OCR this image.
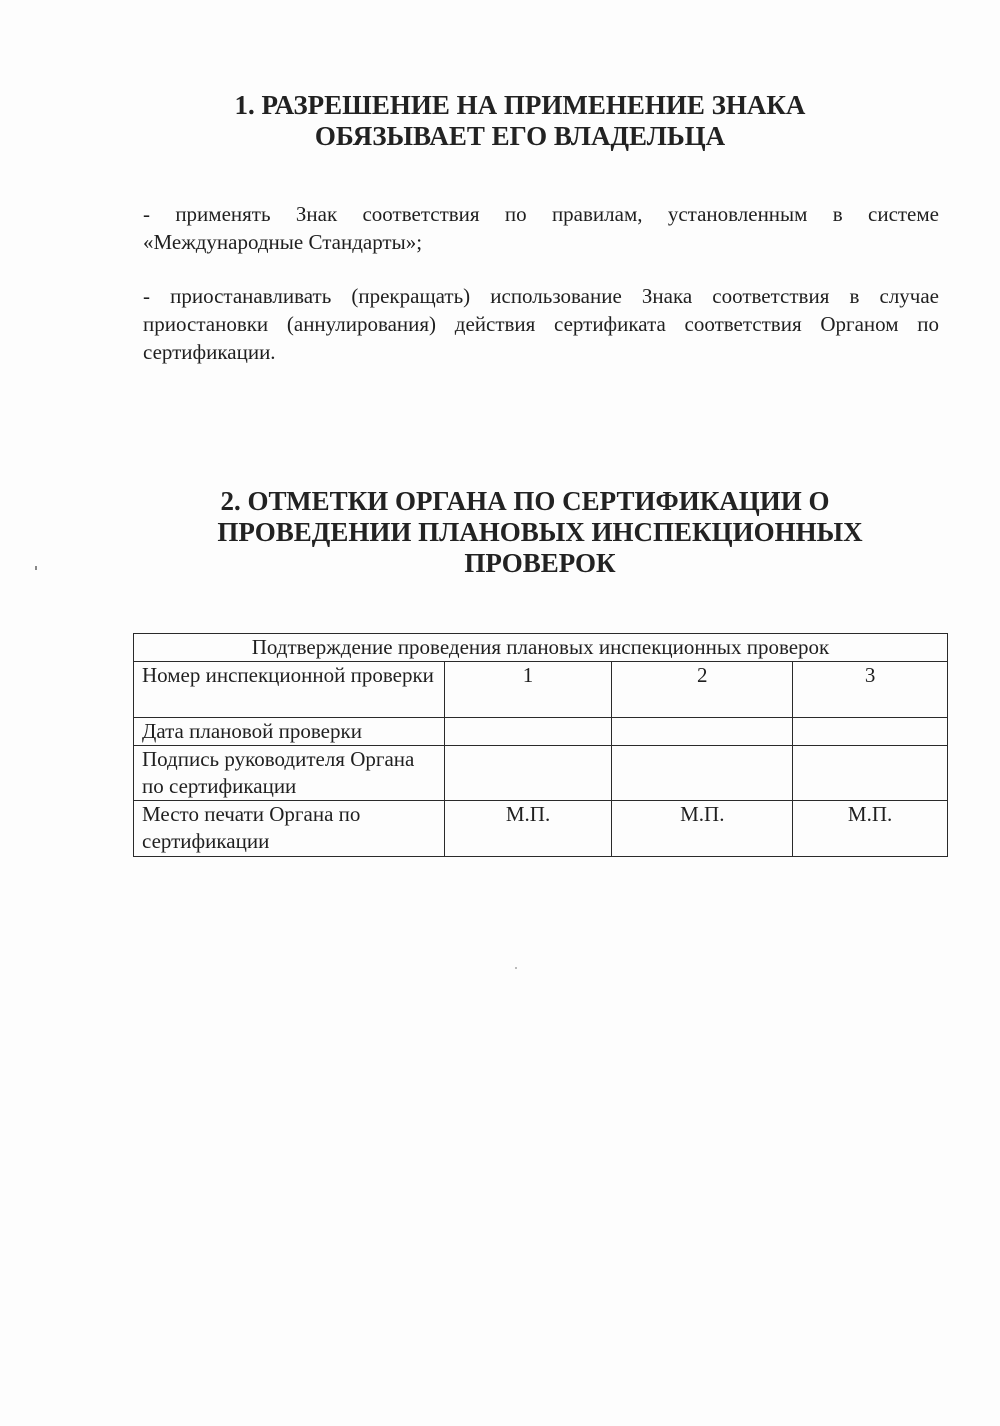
1. РАЗРЕШЕНИЕ НА ПРИМЕНЕНИЕ ЗНАКА
ОБЯЗЫВАЕТ ЕГО ВЛАДЕЛЬЦА
- применять Знак соответствия по правилам, установленным в системе «Международные Стандарты»;
- приостанавливать (прекращать) использование Знака соответствия в случае приостановки (аннулирования) действия сертификата соответствия Органом по сертификации.
2. ОТМЕТКИ ОРГАНА ПО СЕРТИФИКАЦИИ О
ПРОВЕДЕНИИ ПЛАНОВЫХ ИНСПЕКЦИОННЫХ
ПРОВЕРОК
Подтверждение проведения плановых инспекционных проверок			
Номер инспекционной проверки	1	2	3
Дата плановой проверки			
Подпись руководителя Органа по сертификации			
Место печати Органа по сертификации	М.П.	М.П.	М.П.
